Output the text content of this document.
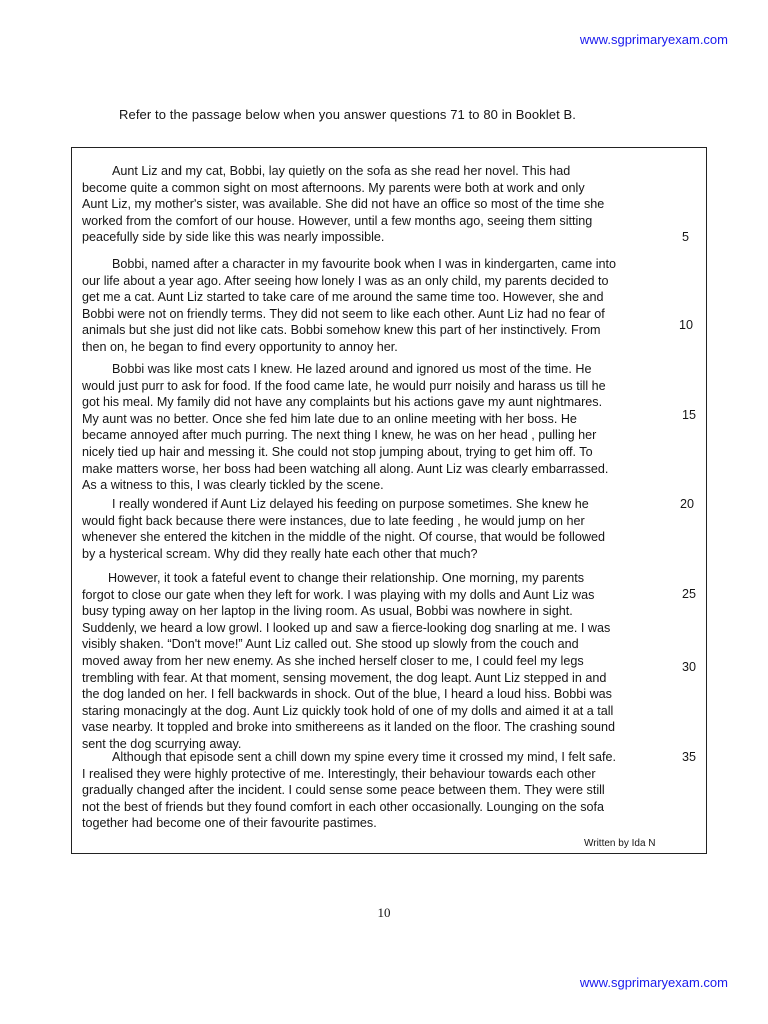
www.sgprimaryexam.com
Refer to the passage below when you answer questions 71 to 80 in Booklet B.
Aunt Liz and my cat, Bobbi, lay quietly on the sofa as she read her novel. This had
become quite a common sight on most afternoons. My parents were both at work and only
Aunt Liz, my mother's sister, was available. She did not have an office so most of the time she
worked from the comfort of our house. However, until a few months ago, seeing them sitting
peacefully side by side like this was nearly impossible.
Bobbi, named after a character in my favourite book when I was in kindergarten, came into
our life about a year ago. After seeing how lonely I was as an only child, my parents decided to
get me a cat. Aunt Liz started to take care of me around the same time too. However, she and
Bobbi were not on friendly terms. They did not seem to like each other. Aunt Liz had no fear of
animals but she just did not like cats. Bobbi somehow knew this part of her instinctively. From
then on, he began to find every opportunity to annoy her.
Bobbi was like most cats I knew. He lazed around and ignored us most of the time. He
would just purr to ask for food. If the food came late, he would purr noisily and harass us till he
got his meal. My family did not have any complaints but his actions gave my aunt nightmares.
My aunt was no better. Once she fed him late due to an online meeting with her boss. He
became annoyed after much purring. The next thing I knew, he was on her head , pulling her
nicely tied up hair and messing it. She could not stop jumping about, trying to get him off. To
make matters worse, her boss had been watching all along. Aunt Liz was clearly embarrassed.
As a witness to this, I was clearly tickled by the scene.
I really wondered if Aunt Liz delayed his feeding on purpose sometimes. She knew he
would fight back because there were instances, due to late feeding , he would jump on her
whenever she entered the kitchen in the middle of the night. Of course, that would be followed
by a hysterical scream. Why did they really hate each other that much?
However, it took a fateful event to change their relationship. One morning, my parents
forgot to close our gate when they left for work. I was playing with my dolls and Aunt Liz was
busy typing away on her laptop in the living room. As usual, Bobbi was nowhere in sight.
Suddenly, we heard a low growl. I looked up and saw a fierce-looking dog snarling at me. I was
visibly shaken. “Don't move!” Aunt Liz called out. She stood up slowly from the couch and
moved away from her new enemy. As she inched herself closer to me, I could feel my legs
trembling with fear. At that moment, sensing movement, the dog leapt. Aunt Liz stepped in and
the dog landed on her. I fell backwards in shock. Out of the blue, I heard a loud hiss. Bobbi was
staring monacingly at the dog. Aunt Liz quickly took hold of one of my dolls and aimed it at a tall
vase nearby. It toppled and broke into smithereens as it landed on the floor. The crashing sound
sent the dog scurrying away.
Although that episode sent a chill down my spine every time it crossed my mind, I felt safe.
I realised they were highly protective of me. Interestingly, their behaviour towards each other
gradually changed after the incident. I could sense some peace between them. They were still
not the best of friends but they found comfort in each other occasionally. Lounging on the sofa
together had become one of their favourite pastimes.
5
10
15
20
25
30
35
Written by Ida N
10
www.sgprimaryexam.com
